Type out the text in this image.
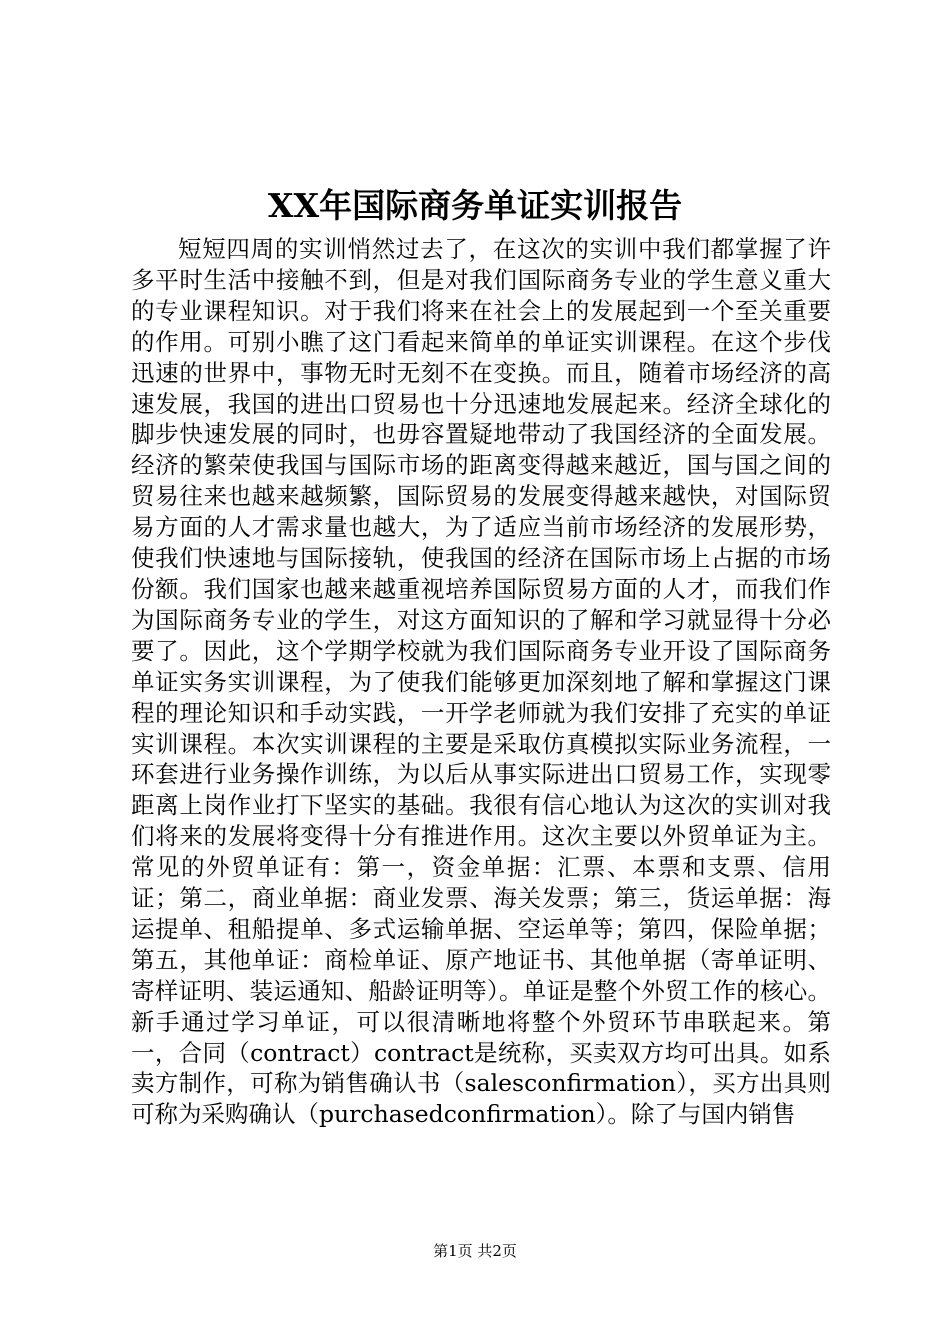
XX年国际商务单证实训报告

短短四周的实训悄然过去了，在这次的实训中我们都掌握了许多平时生活中接触不到，但是对我们国际商务专业的学生意义重大的专业课程知识。对于我们将来在社会上的发展起到一个至关重要的作用。可别小瞧了这门看起来简单的单证实训课程。在这个步伐迅速的世界中，事物无时无刻不在变换。而且，随着市场经济的高速发展，我国的进出口贸易也十分迅速地发展起来。经济全球化的脚步快速发展的同时，也毋容置疑地带动了我国经济的全面发展。经济的繁荣使我国与国际市场的距离变得越来越近，国与国之间的贸易往来也越来越频繁，国际贸易的发展变得越来越快，对国际贸易方面的人才需求量也越大，为了适应当前市场经济的发展形势，使我们快速地与国际接轨，使我国的经济在国际市场上占据的市场份额。我们国家也越来越重视培养国际贸易方面的人才，而我们作为国际商务专业的学生，对这方面知识的了解和学习就显得十分必要了。因此，这个学期学校就为我们国际商务专业开设了国际商务单证实务实训课程，为了使我们能够更加深刻地了解和掌握这门课程的理论知识和手动实践，一开学老师就为我们安排了充实的单证实训课程。本次实训课程的主要是采取仿真模拟实际业务流程，一环套进行业务操作训练，为以后从事实际进出口贸易工作，实现零距离上岗作业打下坚实的基础。我很有信心地认为这次的实训对我们将来的发展将变得十分有推进作用。这次主要以外贸单证为主。常见的外贸单证有：第一，资金单据：汇票、本票和支票、信用证；第二，商业单据：商业发票、海关发票；第三，货运单据：海运提单、租船提单、多式运输单据、空运单等；第四，保险单据；第五，其他单证：商检单证、原产地证书、其他单据（寄单证明、寄样证明、装运通知、船龄证明等）。单证是整个外贸工作的核心。新手通过学习单证，可以很清晰地将整个外贸环节串联起来。第一，合同（contract）contract是统称，买卖双方均可出具。如系卖方制作，可称为销售确认书（salesconfirmation），买方出具则可称为采购确认（purchasedconfirmation）。除了与国内销售

第1页 共2页
